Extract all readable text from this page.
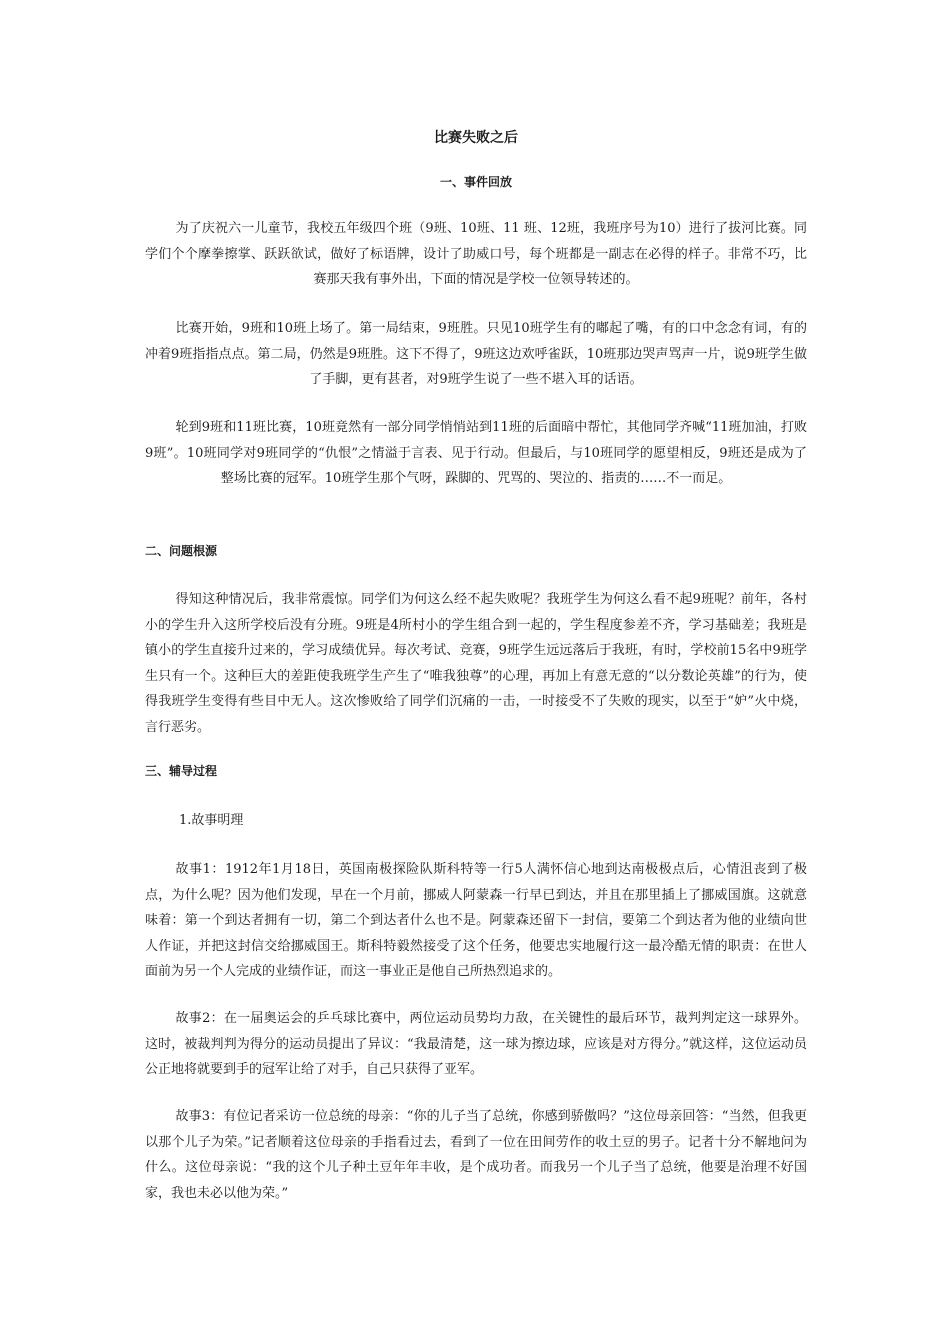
比赛失败之后
一、事件回放

为了庆祝六一儿童节，我校五年级四个班（9班、10班、11 班、12班，我班序号为10）进行了拔河比赛。同学们个个摩拳擦掌、跃跃欲试，做好了标语牌，设计了助威口号，每个班都是一副志在必得的样子。非常不巧，比赛那天我有事外出，下面的情况是学校一位领导转述的。

比赛开始，9班和10班上场了。第一局结束，9班胜。只见10班学生有的嘟起了嘴，有的口中念念有词，有的冲着9班指指点点。第二局，仍然是9班胜。这下不得了，9班这边欢呼雀跃，10班那边哭声骂声一片，说9班学生做了手脚，更有甚者，对9班学生说了一些不堪入耳的话语。

轮到9班和11班比赛，10班竟然有一部分同学悄悄站到11班的后面暗中帮忙，其他同学齐喊“11班加油，打败9班”。10班同学对9班同学的“仇恨”之情溢于言表、见于行动。但最后，与10班同学的愿望相反，9班还是成为了整场比赛的冠军。10班学生那个气呀，跺脚的、咒骂的、哭泣的、指责的……不一而足。

二、问题根源

得知这种情况后，我非常震惊。同学们为何这么经不起失败呢？我班学生为何这么看不起9班呢？前年，各村小的学生升入这所学校后没有分班。9班是4所村小的学生组合到一起的，学生程度参差不齐，学习基础差；我班是镇小的学生直接升过来的，学习成绩优异。每次考试、竞赛，9班学生远远落后于我班，有时，学校前15名中9班学生只有一个。这种巨大的差距使我班学生产生了“唯我独尊”的心理，再加上有意无意的“以分数论英雄”的行为，使得我班学生变得有些目中无人。这次惨败给了同学们沉痛的一击，一时接受不了失败的现实，以至于“妒”火中烧，言行恶劣。

三、辅导过程
1.故事明理

故事1：1912年1月18日，英国南极探险队斯科特等一行5人满怀信心地到达南极极点后，心情沮丧到了极点，为什么呢？因为他们发现，早在一个月前，挪威人阿蒙森一行早已到达，并且在那里插上了挪威国旗。这就意味着：第一个到达者拥有一切，第二个到达者什么也不是。阿蒙森还留下一封信，要第二个到达者为他的业绩向世人作证，并把这封信交给挪威国王。斯科特毅然接受了这个任务，他要忠实地履行这一最冷酷无情的职责：在世人面前为另一个人完成的业绩作证，而这一事业正是他自己所热烈追求的。

故事2：在一届奥运会的乒乓球比赛中，两位运动员势均力敌，在关键性的最后环节，裁判判定这一球界外。这时，被裁判判为得分的运动员提出了异议：“我最清楚，这一球为擦边球，应该是对方得分。”就这样，这位运动员公正地将就要到手的冠军让给了对手，自己只获得了亚军。

故事3：有位记者采访一位总统的母亲：“你的儿子当了总统，你感到骄傲吗？”这位母亲回答：“当然，但我更以那个儿子为荣。”记者顺着这位母亲的手指看过去，看到了一位在田间劳作的收土豆的男子。记者十分不解地问为什么。这位母亲说：“我的这个儿子种土豆年年丰收，是个成功者。而我另一个儿子当了总统，他要是治理不好国家，我也未必以他为荣。”
